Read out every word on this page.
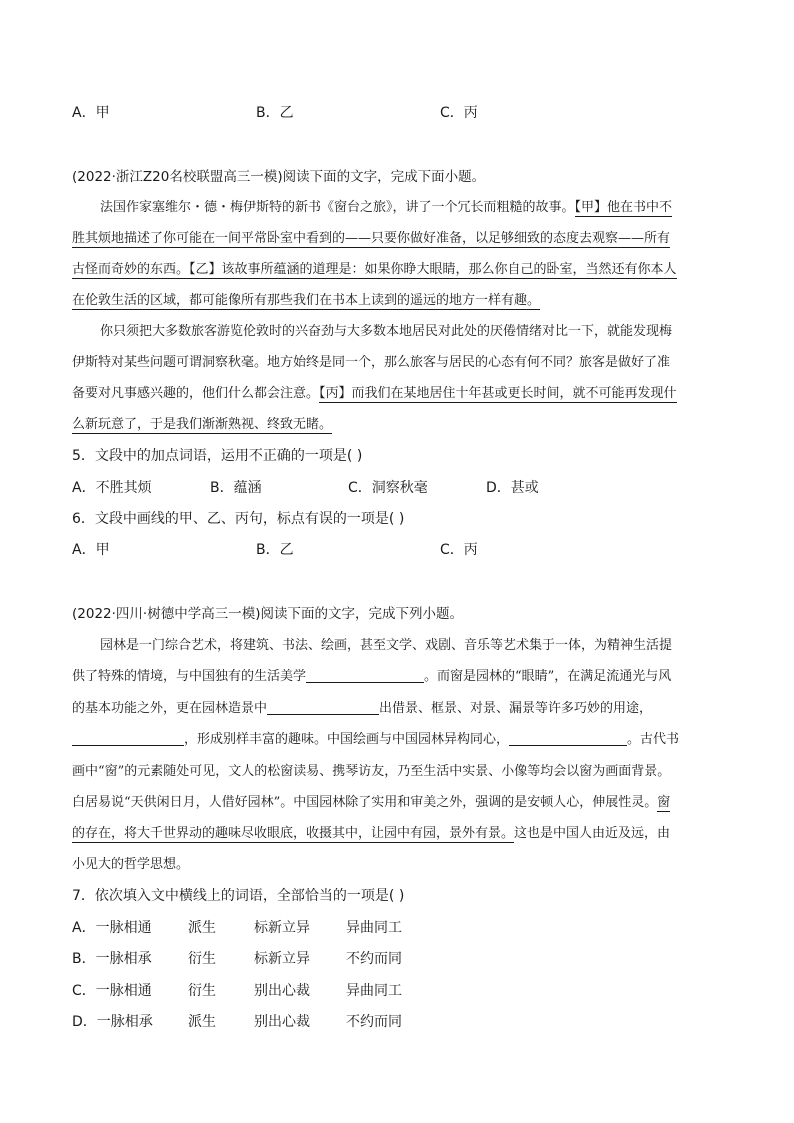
A．甲	B．乙	C．丙
(2022·浙江Z20名校联盟高三一模)阅读下面的文字，完成下面小题。
法国作家塞维尔・德・梅伊斯特的新书《窗台之旅》，讲了一个冗长而粗糙的故事。【甲】他在书中不
胜其烦地描述了你可能在一间平常卧室中看到的——只要你做好准备，以足够细致的态度去观察——所有
古怪而奇妙的东西。【乙】该故事所蕴涵的道理是：如果你睁大眼睛，那么你自己的卧室，当然还有你本人
在伦敦生活的区域，都可能像所有那些我们在书本上读到的遥远的地方一样有趣。
你只须把大多数旅客游览伦敦时的兴奋劲与大多数本地居民对此处的厌倦情绪对比一下，就能发现梅
伊斯特对某些问题可谓洞察秋毫。地方始终是同一个，那么旅客与居民的心态有何不同？旅客是做好了准
备要对凡事感兴趣的，他们什么都会注意。【丙】而我们在某地居住十年甚或更长时间，就不可能再发现什
么新玩意了，于是我们渐渐熟视、终致无睹。
5．文段中的加点词语，运用不正确的一项是( )
A．不胜其烦	B．蕴涵	C．洞察秋毫	D．甚或
6．文段中画线的甲、乙、丙句，标点有误的一项是( )
A．甲	B．乙	C．丙
(2022·四川·树德中学高三一模)阅读下面的文字，完成下列小题。
园林是一门综合艺术，将建筑、书法、绘画，甚至文学、戏剧、音乐等艺术集于一体，为精神生活提
供了特殊的情境，与中国独有的生活美学	。而窗是园林的“眼睛”，在满足流通光与风
的基本功能之外，更在园林造景中	出借景、框景、对景、漏景等许多巧妙的用途，
，形成别样丰富的趣味。中国绘画与中国园林异构同心，	。古代书
画中“窗”的元素随处可见，文人的松窗读易、携琴访友，乃至生活中实景、小像等均会以窗为画面背景。
白居易说“天供闲日月，人借好园林”。中国园林除了实用和审美之外，强调的是安顿人心，伸展性灵。窗
的存在，将大千世界动的趣味尽收眼底，收摄其中，让园中有园，景外有景。这也是中国人由近及远，由
小见大的哲学思想。
7．依次填入文中横线上的词语，全部恰当的一项是( )
A．一脉相通	派生	标新立异	异曲同工
B．一脉相承	衍生	标新立异	不约而同
C．一脉相通	衍生	别出心裁	异曲同工
D．一脉相承	派生	别出心裁	不约而同
